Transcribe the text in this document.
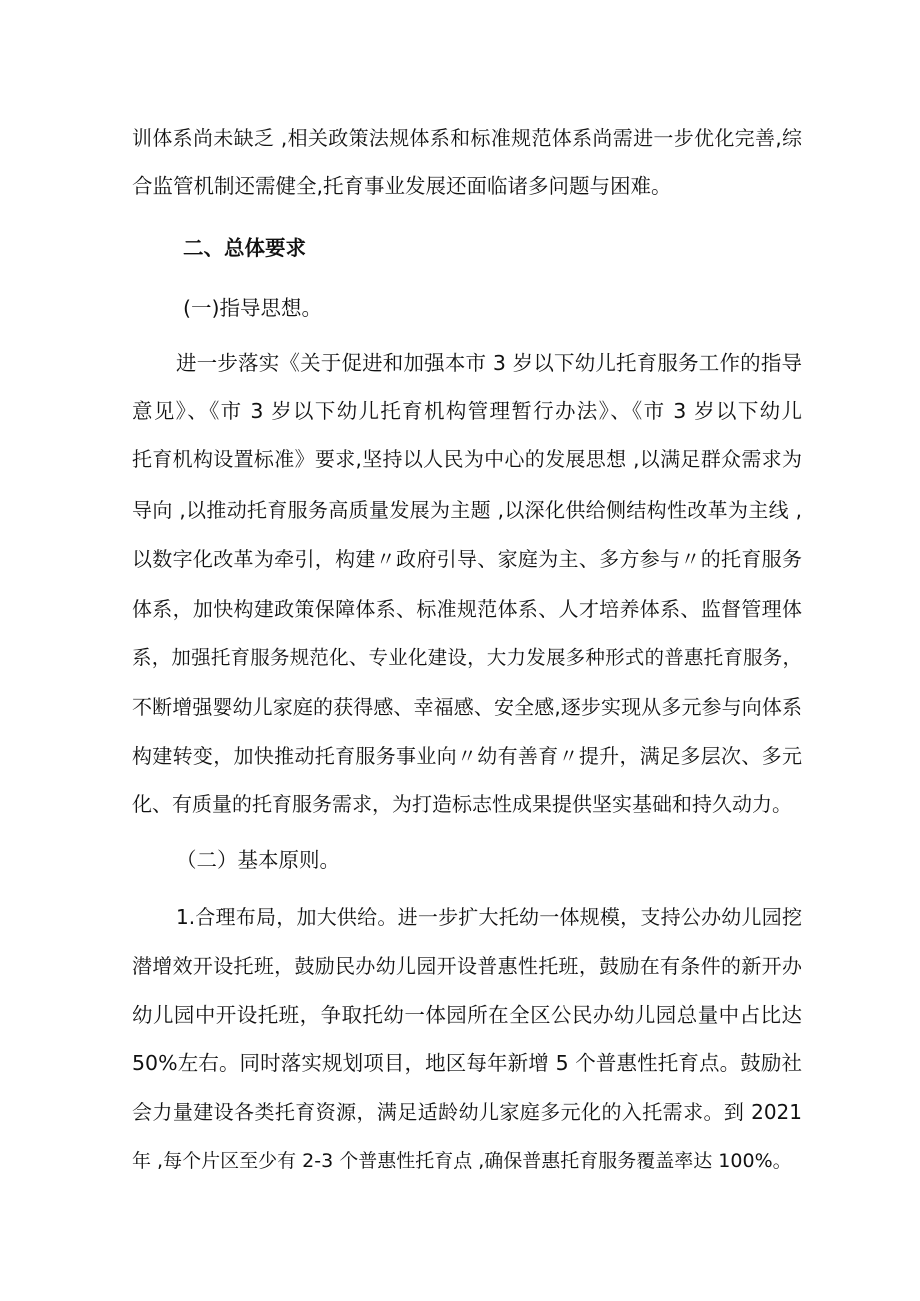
训体系尚未缺乏 ,相关政策法规体系和标准规范体系尚需进一步优化完善,综
合监管机制还需健全,托育事业发展还面临诸多问题与困难。
二、总体要求
(一)指导思想。
进一步落实《关于促进和加强本市 3 岁以下幼儿托育服务工作的指导
意见》、《市 3 岁以下幼儿托育机构管理暂行办法》、《市 3 岁以下幼儿
托育机构设置标准》要求,坚持以人民为中心的发展思想 ,以满足群众需求为
导向 ,以推动托育服务高质量发展为主题 ,以深化供给侧结构性改革为主线 ,
以数字化改革为牵引，构建〃政府引导、家庭为主、多方参与〃的托育服务
体系，加快构建政策保障体系、标准规范体系、人才培养体系、监督管理体
系，加强托育服务规范化、专业化建设，大力发展多种形式的普惠托育服务，
不断增强婴幼儿家庭的获得感、幸福感、安全感,逐步实现从多元参与向体系
构建转变，加快推动托育服务事业向〃幼有善育〃提升，满足多层次、多元
化、有质量的托育服务需求，为打造标志性成果提供坚实基础和持久动力。
（二）基本原则。
1.合理布局，加大供给。进一步扩大托幼一体规模，支持公办幼儿园挖
潜增效开设托班，鼓励民办幼儿园开设普惠性托班，鼓励在有条件的新开办
幼儿园中开设托班，争取托幼一体园所在全区公民办幼儿园总量中占比达
50%左右。同时落实规划项目，地区每年新增 5 个普惠性托育点。鼓励社
会力量建设各类托育资源，满足适龄幼儿家庭多元化的入托需求。到 2021
年 ,每个片区至少有 2-3 个普惠性托育点 ,确保普惠托育服务覆盖率达 100%。
